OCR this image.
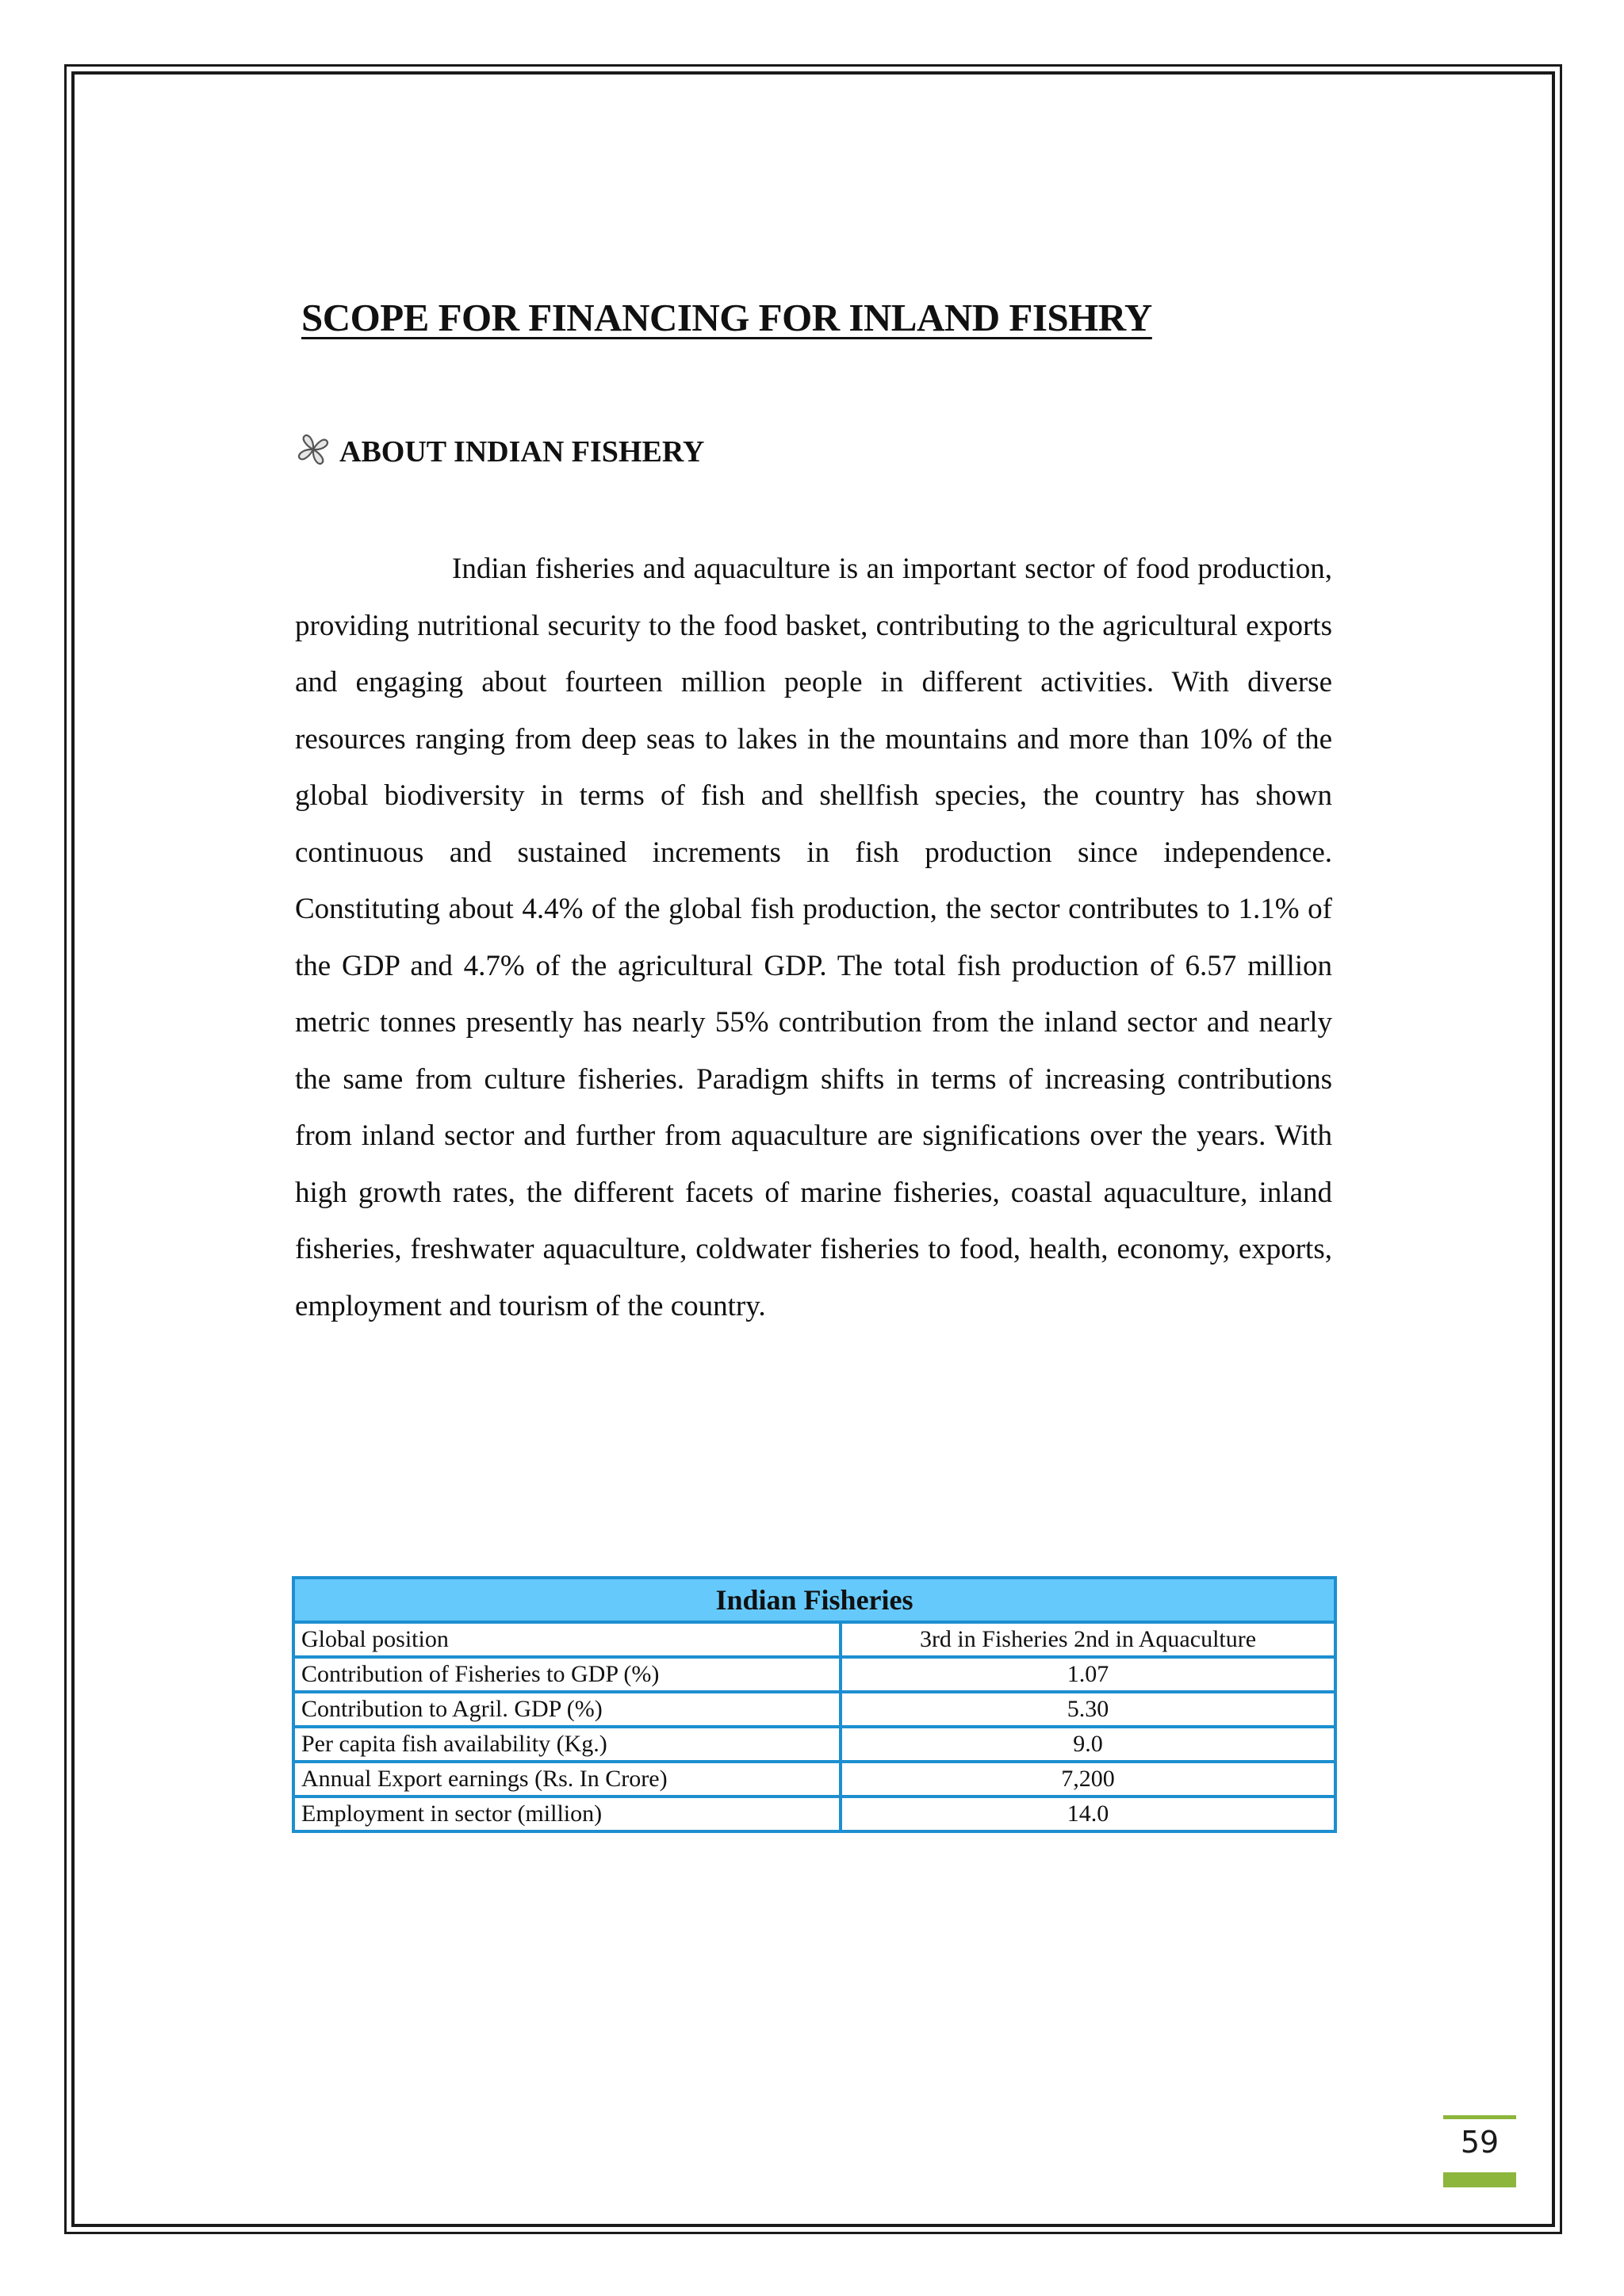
SCOPE FOR FINANCING FOR INLAND FISHRY
ABOUT INDIAN FISHERY

Indian fisheries and aquaculture is an important sector of food production, providing nutritional security to the food basket, contributing to the agricultural exports and engaging about fourteen million people in different activities. With diverse resources ranging from deep seas to lakes in the mountains and more than 10% of the global biodiversity in terms of fish and shellfish species, the country has shown continuous and sustained increments in fish production since independence. Constituting about 4.4% of the global fish production, the sector contributes to 1.1% of the GDP and 4.7% of the agricultural GDP. The total fish production of 6.57 million metric tonnes presently has nearly 55% contribution from the inland sector and nearly the same from culture fisheries. Paradigm shifts in terms of increasing contributions from inland sector and further from aquaculture are significations over the years. With high growth rates, the different facets of marine fisheries, coastal aquaculture, inland fisheries, freshwater aquaculture, coldwater fisheries to food, health, economy, exports, employment and tourism of the country.

Indian Fisheries	
Global position	3rd in Fisheries 2nd in Aquaculture
Contribution of Fisheries to GDP (%)	1.07
Contribution to Agril. GDP (%)	5.30
Per capita fish availability (Kg.)	9.0
Annual Export earnings (Rs. In Crore)	7,200
Employment in sector (million)	14.0
59
